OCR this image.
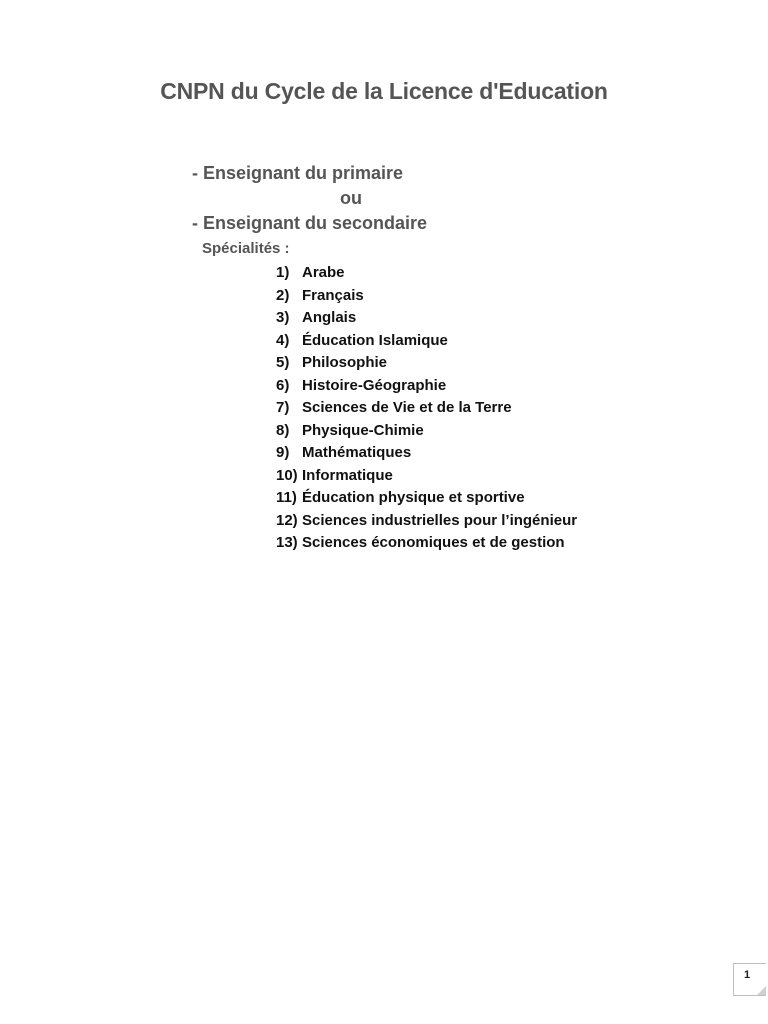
CNPN du Cycle de la Licence d'Education
- Enseignant du primaire
ou
- Enseignant du secondaire
Spécialités :
1) Arabe
2) Français
3) Anglais
4) Éducation Islamique
5) Philosophie
6) Histoire-Géographie
7) Sciences de Vie et de la Terre
8) Physique-Chimie
9) Mathématiques
10) Informatique
11) Éducation physique et sportive
12) Sciences industrielles pour l’ingénieur
13) Sciences économiques et de gestion
1
